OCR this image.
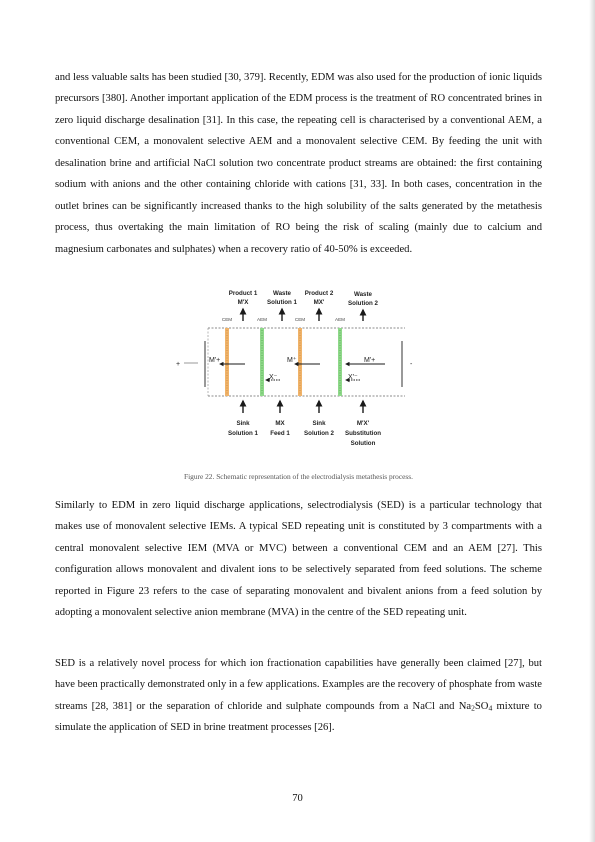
and less valuable salts has been studied [30, 379]. Recently, EDM was also used for the production of ionic liquids precursors [380]. Another important application of the EDM process is the treatment of RO concentrated brines in zero liquid discharge desalination [31]. In this case, the repeating cell is characterised by a conventional AEM, a conventional CEM, a monovalent selective AEM and a monovalent selective CEM. By feeding the unit with desalination brine and artificial NaCl solution two concentrate product streams are obtained: the first containing sodium with anions and the other containing chloride with cations [31, 33]. In both cases, concentration in the outlet brines can be significantly increased thanks to the high solubility of the salts generated by the metathesis process, thus overtaking the main limitation of RO being the risk of scaling (mainly due to calcium and magnesium carbonates and sulphates) when a recovery ratio of 40-50% is exceeded.

Product 1
M'X
Waste
Solution 1
Product 2
MX'
Waste
Solution 2
CEM	AEM	CEM	AEM
+	-
M'+
X⁻
M⁺
X'⁻
M'+
Sink
Solution 1
MX
Feed 1
Sink
Solution 2
M'X'
Substitution
Solution

Figure 22. Schematic representation of the electrodialysis metathesis process.

Similarly to EDM in zero liquid discharge applications, selectrodialysis (SED) is a particular technology that makes use of monovalent selective IEMs. A typical SED repeating unit is constituted by 3 compartments with a central monovalent selective IEM (MVA or MVC) between a conventional CEM and an AEM [27]. This configuration allows monovalent and divalent ions to be selectively separated from feed solutions. The scheme reported in Figure 23 refers to the case of separating monovalent and bivalent anions from a feed solution by adopting a monovalent selective anion membrane (MVA) in the centre of the SED repeating unit.

SED is a relatively novel process for which ion fractionation capabilities have generally been claimed [27], but have been practically demonstrated only in a few applications. Examples are the recovery of phosphate from waste streams [28, 381] or the separation of chloride and sulphate compounds from a NaCl and $Na_2SO_4$ mixture to simulate the application of SED in brine treatment processes [26].

70
